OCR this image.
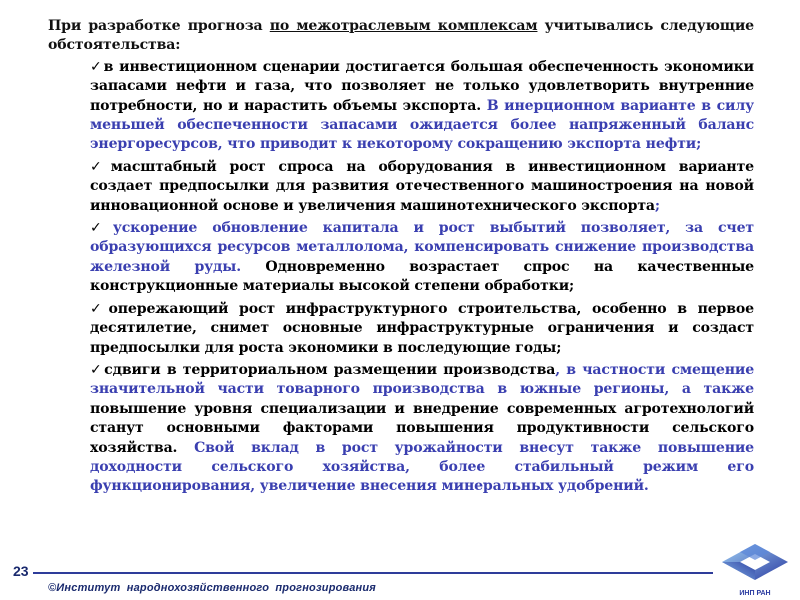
При разработке прогноза по межотраслевым комплексам учитывались следующие обстоятельства:

✓в инвестиционном сценарии достигается большая обеспеченность экономики запасами нефти и газа, что позволяет не только удовлетворить внутренние потребности, но и нарастить объемы экспорта. В инерционном варианте в силу меньшей обеспеченности запасами ожидается более напряженный баланс энергоресурсов, что приводит к некоторому сокращению экспорта нефти;
✓масштабный рост спроса на оборудования в инвестиционном варианте создает предпосылки для развития отечественного машиностроения на новой инновационной основе и увеличения машинотехнического экспорта;
✓ускорение обновление капитала и рост выбытий позволяет, за счет образующихся ресурсов металлолома, компенсировать снижение производства железной руды. Одновременно возрастает спрос на качественные конструкционные материалы высокой степени обработки;
✓опережающий рост инфраструктурного строительства, особенно в первое десятилетие, снимет основные инфраструктурные ограничения и создаст предпосылки для роста экономики в последующие годы;
✓сдвиги в территориальном размещении производства, в частности смещение значительной части товарного производства в южные регионы, а также повышение уровня специализации и внедрение современных агротехнологий станут основными факторами повышения продуктивности сельского хозяйства. Свой вклад в рост урожайности внесут также повышение доходности сельского хозяйства, более стабильный режим его функционирования, увеличение внесения минеральных удобрений.
23
©Институт народнохозяйственного прогнозирования	ИНП РАН
